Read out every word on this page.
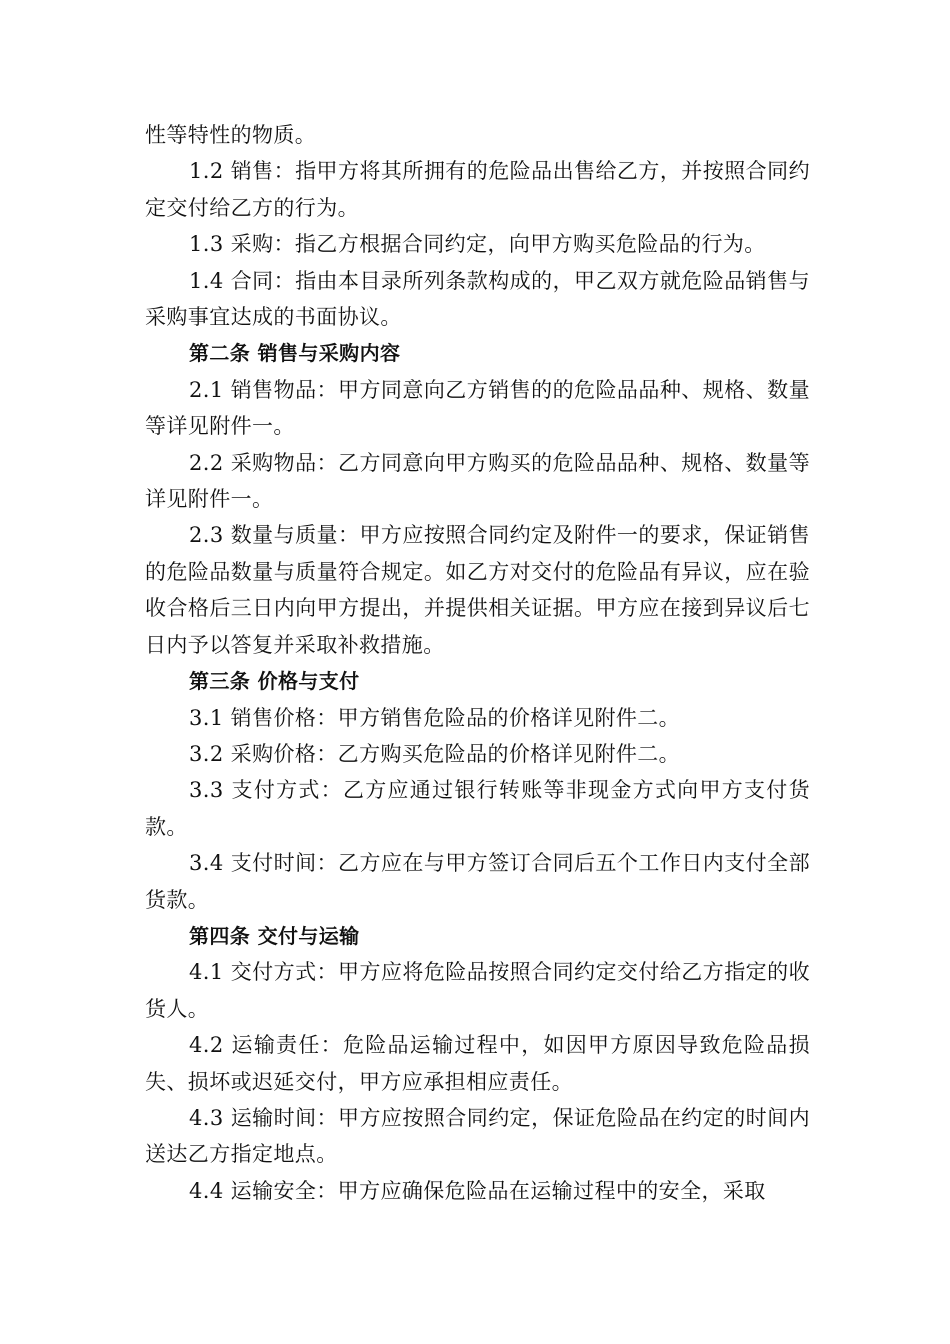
性等特性的物质。

1.2 销售：指甲方将其所拥有的危险品出售给乙方，并按照合同约定交付给乙方的行为。

1.3 采购：指乙方根据合同约定，向甲方购买危险品的行为。

1.4 合同：指由本目录所列条款构成的，甲乙双方就危险品销售与采购事宜达成的书面协议。

第二条 销售与采购内容

2.1 销售物品：甲方同意向乙方销售的的危险品品种、规格、数量等详见附件一。

2.2 采购物品：乙方同意向甲方购买的危险品品种、规格、数量等详见附件一。

2.3 数量与质量：甲方应按照合同约定及附件一的要求，保证销售的危险品数量与质量符合规定。如乙方对交付的危险品有异议，应在验收合格后三日内向甲方提出，并提供相关证据。甲方应在接到异议后七日内予以答复并采取补救措施。

第三条 价格与支付

3.1 销售价格：甲方销售危险品的价格详见附件二。

3.2 采购价格：乙方购买危险品的价格详见附件二。

3.3 支付方式：乙方应通过银行转账等非现金方式向甲方支付货款。

3.4 支付时间：乙方应在与甲方签订合同后五个工作日内支付全部货款。

第四条 交付与运输

4.1 交付方式：甲方应将危险品按照合同约定交付给乙方指定的收货人。

4.2 运输责任：危险品运输过程中，如因甲方原因导致危险品损失、损坏或迟延交付，甲方应承担相应责任。

4.3 运输时间：甲方应按照合同约定，保证危险品在约定的时间内送达乙方指定地点。

4.4 运输安全：甲方应确保危险品在运输过程中的安全，采取
